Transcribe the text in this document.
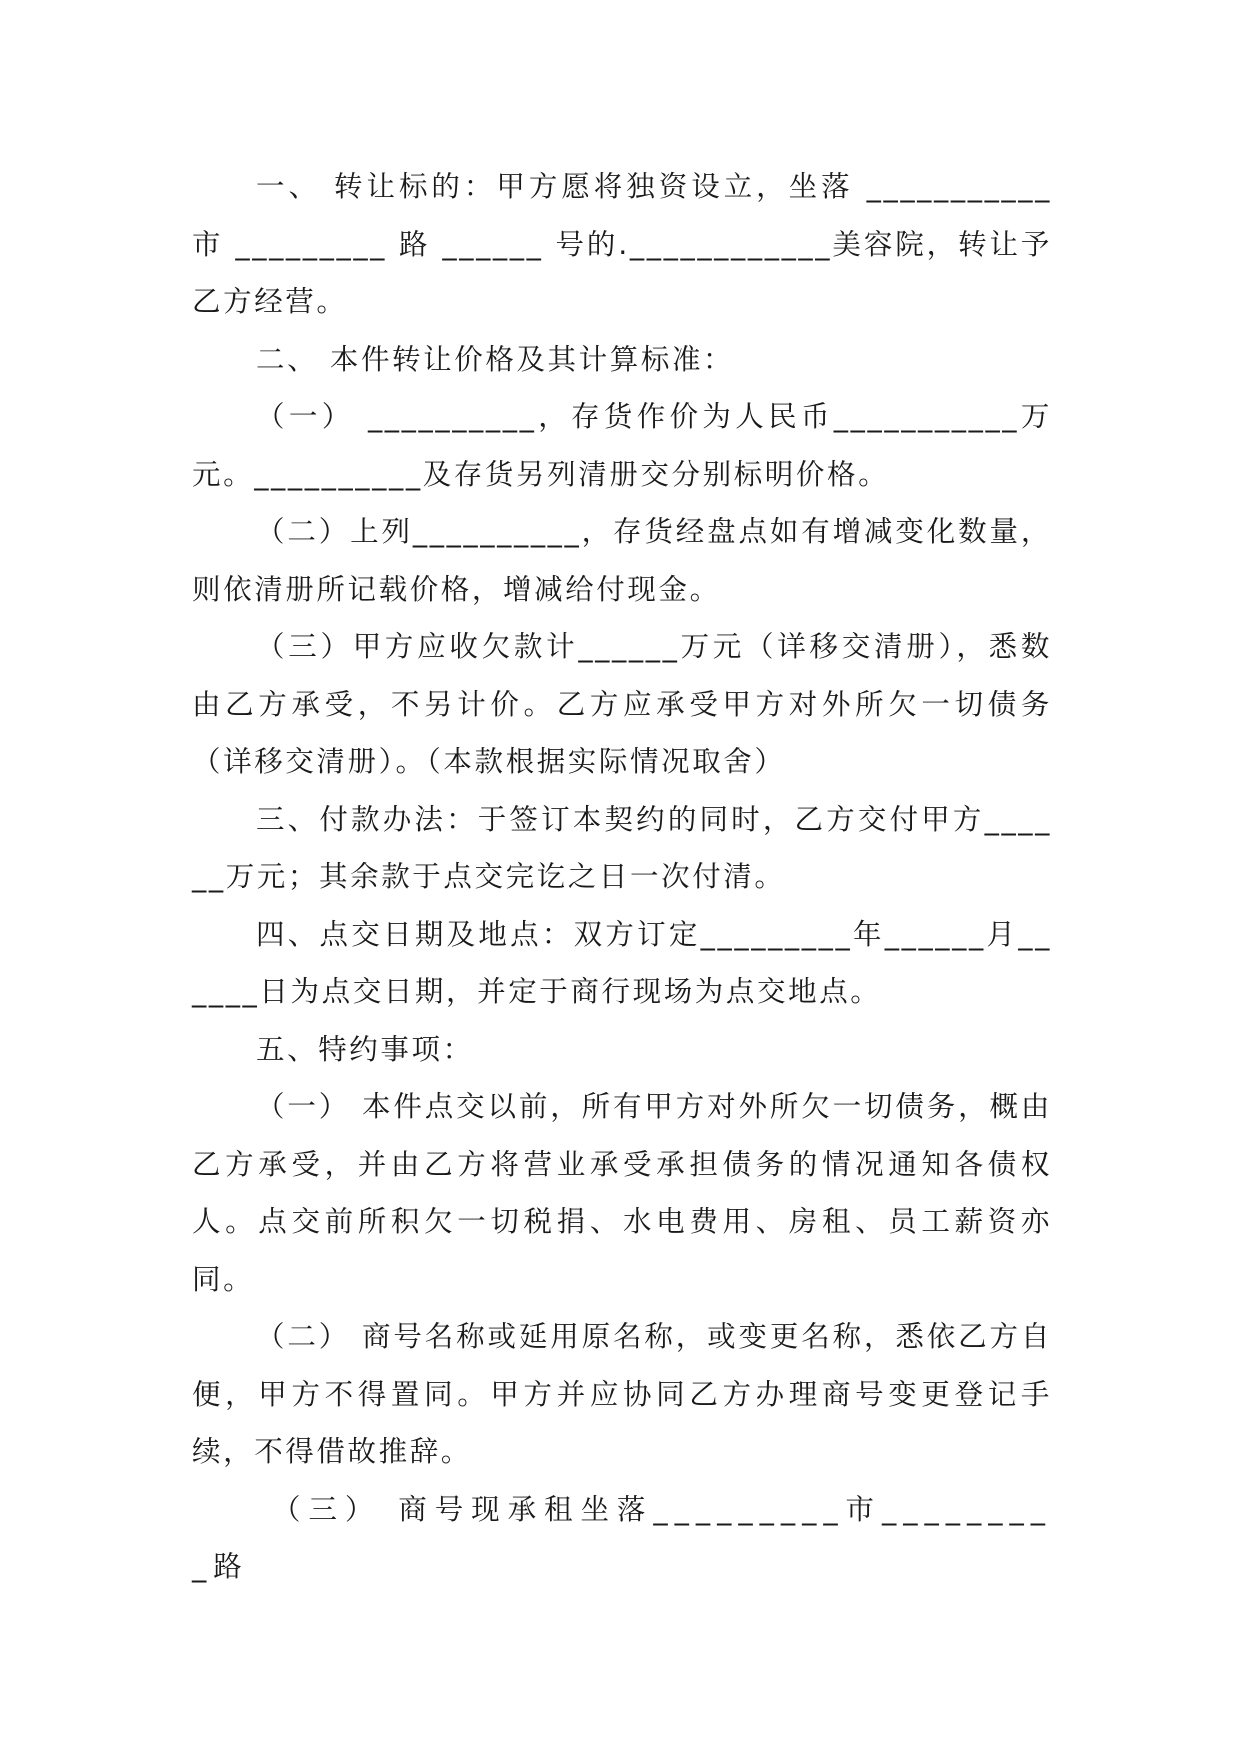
一、 转让标的：甲方愿将独资设立，坐落 ___________市 _________ 路 ______ 号的.____________美容院，转让予乙方经营。

二、 本件转让价格及其计算标准：

（一） __________，存货作价为人民币___________万元。__________及存货另列清册交分别标明价格。

（二）上列__________，存货经盘点如有增减变化数量，则依清册所记载价格，增减给付现金。

（三）甲方应收欠款计______万元（详移交清册），悉数由乙方承受，不另计价。乙方应承受甲方对外所欠一切债务（详移交清册）。（本款根据实际情况取舍）

三、付款办法：于签订本契约的同时，乙方交付甲方______万元；其余款于点交完讫之日一次付清。

四、点交日期及地点：双方订定_________年______月______日为点交日期，并定于商行现场为点交地点。

五、特约事项：

（一） 本件点交以前，所有甲方对外所欠一切债务，概由乙方承受，并由乙方将营业承受承担债务的情况通知各债权人。点交前所积欠一切税捐、水电费用、房租、员工薪资亦同。

（二） 商号名称或延用原名称，或变更名称，悉依乙方自便，甲方不得置同。甲方并应协同乙方办理商号变更登记手续，不得借故推辞。

（三） 商号现承租坐落_________市_________路
